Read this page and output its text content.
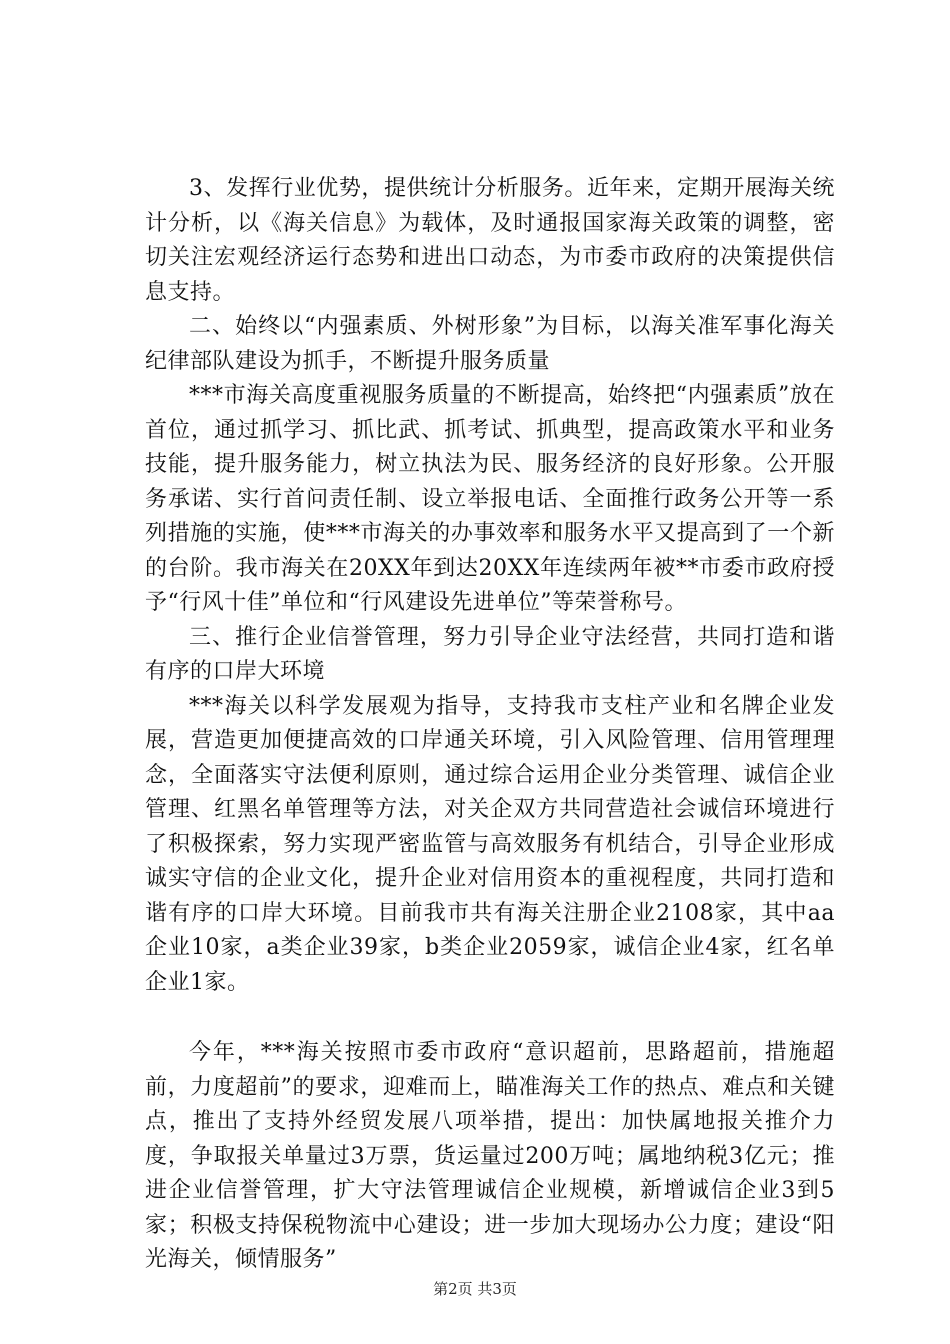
3、发挥行业优势，提供统计分析服务。近年来，定期开展海关统计分析，以《海关信息》为载体，及时通报国家海关政策的调整，密切关注宏观经济运行态势和进出口动态，为市委市政府的决策提供信息支持。

二、始终以“内强素质、外树形象”为目标，以海关准军事化海关纪律部队建设为抓手，不断提升服务质量

***市海关高度重视服务质量的不断提高，始终把“内强素质”放在首位，通过抓学习、抓比武、抓考试、抓典型，提高政策水平和业务技能，提升服务能力，树立执法为民、服务经济的良好形象。公开服务承诺、实行首问责任制、设立举报电话、全面推行政务公开等一系列措施的实施，使***市海关的办事效率和服务水平又提高到了一个新的台阶。我市海关在20XX年到达20XX年连续两年被**市委市政府授予“行风十佳”单位和“行风建设先进单位”等荣誉称号。

三、推行企业信誉管理，努力引导企业守法经营，共同打造和谐有序的口岸大环境

***海关以科学发展观为指导，支持我市支柱产业和名牌企业发展，营造更加便捷高效的口岸通关环境，引入风险管理、信用管理理念，全面落实守法便利原则，通过综合运用企业分类管理、诚信企业管理、红黑名单管理等方法，对关企双方共同营造社会诚信环境进行了积极探索，努力实现严密监管与高效服务有机结合，引导企业形成诚实守信的企业文化，提升企业对信用资本的重视程度，共同打造和谐有序的口岸大环境。目前我市共有海关注册企业2108家，其中aa企业10家，a类企业39家，b类企业2059家，诚信企业4家，红名单企业1家。

今年，***海关按照市委市政府“意识超前，思路超前，措施超前，力度超前”的要求，迎难而上，瞄准海关工作的热点、难点和关键点，推出了支持外经贸发展八项举措，提出：加快属地报关推介力度，争取报关单量过3万票，货运量过200万吨；属地纳税3亿元；推进企业信誉管理，扩大守法管理诚信企业规模，新增诚信企业3到5家；积极支持保税物流中心建设；进一步加大现场办公力度；建设“阳光海关，倾情服务”

第2页 共3页
